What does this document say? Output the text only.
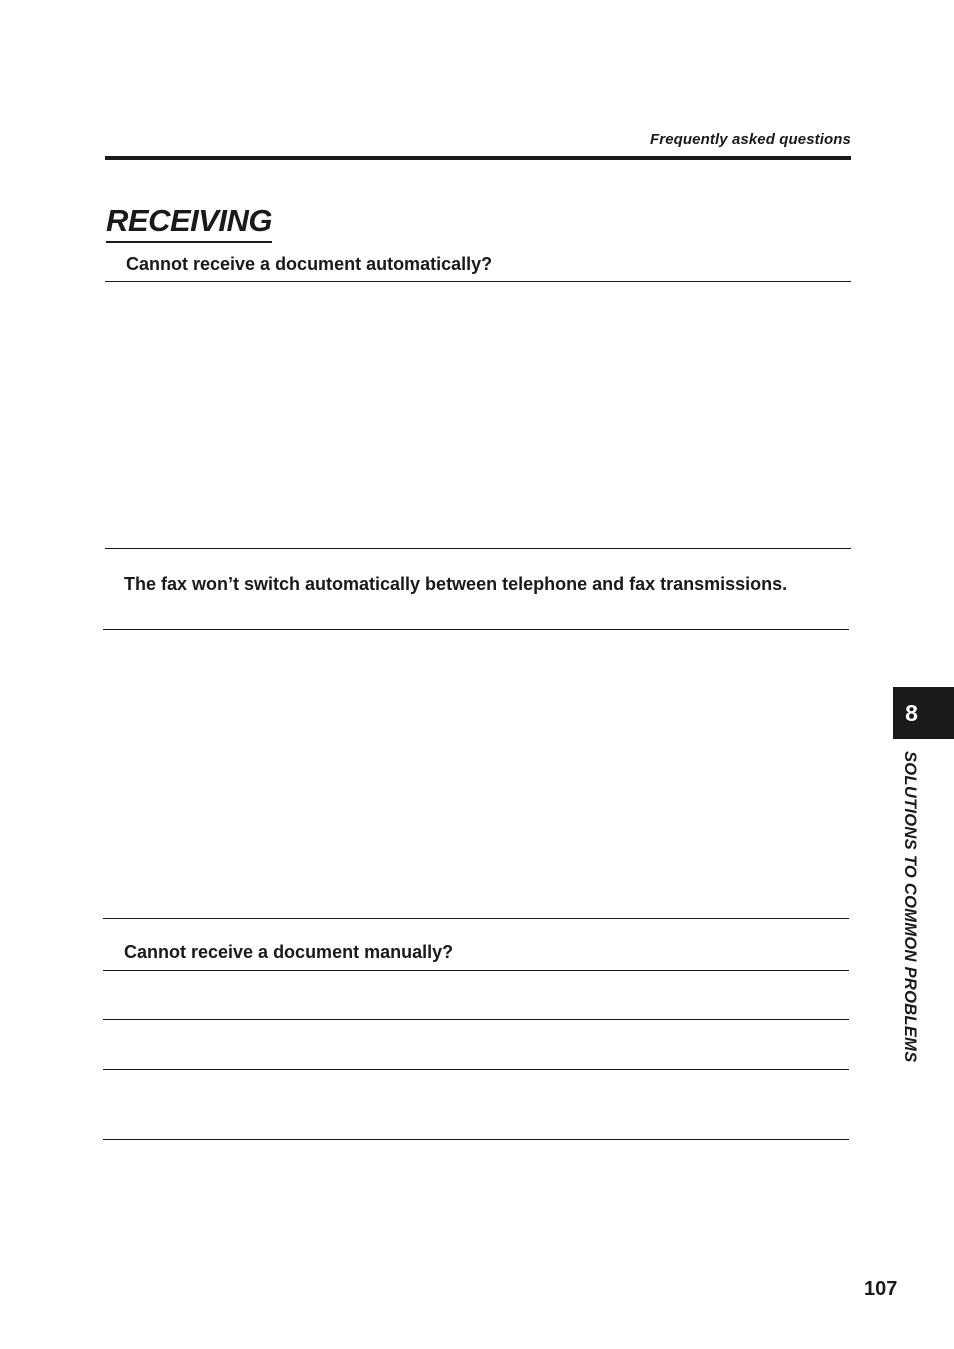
Frequently asked questions
RECEIVING
Cannot receive a document automatically?
The fax won’t switch automatically between telephone and fax transmissions.
Cannot receive a document manually?
8
SOLUTIONS TO COMMON PROBLEMS
107
